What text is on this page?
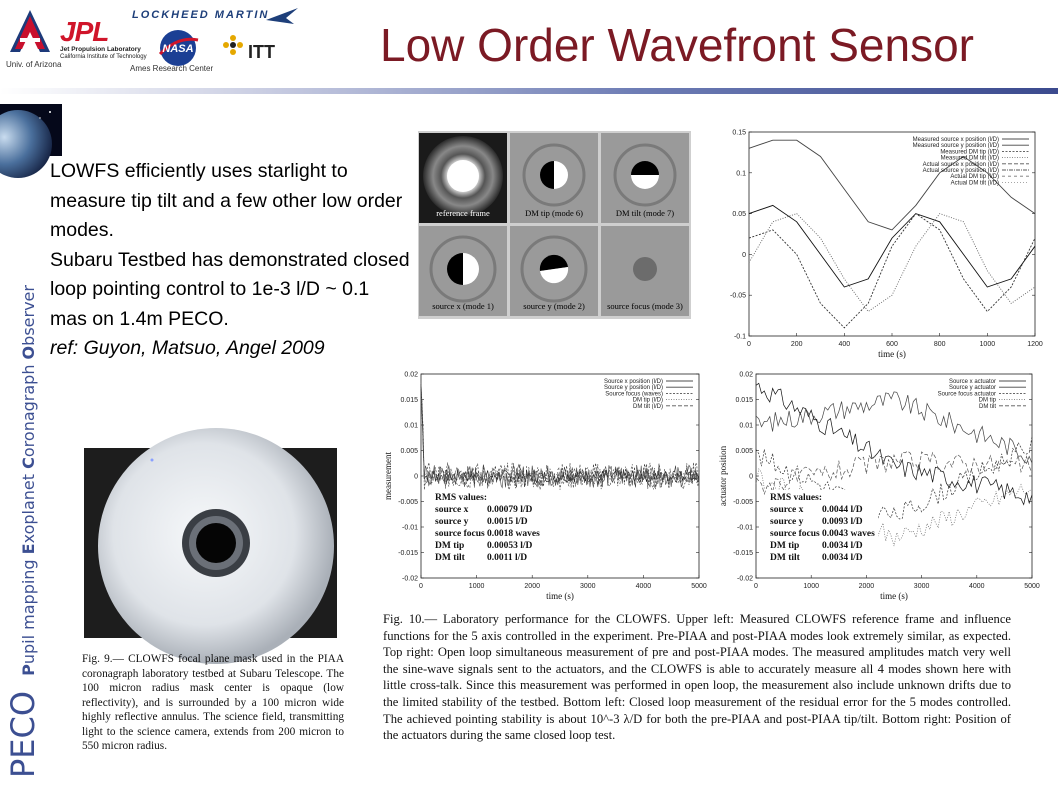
Univ. of Arizona
JPL
Jet Propulsion Laboratory
California Institute of Technology
LOCKHEED MARTIN
NASA
Ames Research Center
ITT Low Order Wavefront Sensor
PECO Pupil mapping Exoplanet Coronagraph Observer
LOWFS efficiently uses starlight to measure tip tilt and a few other low order modes.
Subaru Testbed has demonstrated closed loop pointing control to 1e-3 l/D ~ 0.1 mas on 1.4m PECO.
ref: Guyon, Matsuo, Angel 2009
reference frame	DM tip (mode 6)	DM tilt (mode 7)
source x (mode 1)	source y (mode 2)	source focus (mode 3)
0.15
0.1
0.05
0
-0.05
-0.1
0	200	400	600	800	1000	1200
time (s)
Measured source x position (l/D)
Measured source y position (l/D)
Measured DM tip (l/D)
Measured DM tilt (l/D)
Actual source x position (l/D)
Actual source y position (l/D)
Actual DM tip (l/D)
Actual DM tilt (l/D)
0.02
0.015
0.01
0.005
0
-0.005
-0.01
-0.015
-0.02
0	1000	2000	3000	4000	5000
time (s)
measurement
Source x position (l/D)
Source y position (l/D)
Source focus (waves)
DM tip (l/D)
DM tilt (l/D)
RMS values:
source x 0.00079 l/D
source y 0.0015 l/D
source focus 0.0018 waves
DM tip 0.00053 l/D
DM tilt 0.0011 l/D
0.02
0.015
0.01
0.005
0
-0.005
-0.01
-0.015
-0.02
0	1000	2000	3000	4000	5000
time (s)
actuator position
Source x actuator
Source y actuator
Source focus actuator
DM tip
DM tilt
RMS values:
source x 0.0044 l/D
source y 0.0093 l/D
source focus 0.0043 waves
DM tip 0.0034 l/D
DM tilt 0.0034 l/D
Fig. 9.— CLOWFS focal plane mask used in the PIAA coronagraph laboratory testbed at Subaru Telescope. The 100 micron radius mask center is opaque (low reflectivity), and is surrounded by a 100 micron wide highly reflective annulus. The science field, transmitting light to the science camera, extends from 200 micron to 550 micron radius.
Fig. 10.— Laboratory performance for the CLOWFS. Upper left: Measured CLOWFS reference frame and influence functions for the 5 axis controlled in the experiment. Pre-PIAA and post-PIAA modes look extremely similar, as expected. Top right: Open loop simultaneous measurement of pre and post-PIAA modes. The measured amplitudes match very well the sine-wave signals sent to the actuators, and the CLOWFS is able to accurately measure all 4 modes shown here with little cross-talk. Since this measurement was performed in open loop, the measurement also include unknown drifts due to the limited stability of the testbed. Bottom left: Closed loop measurement of the residual error for the 5 modes controlled. The achieved pointing stability is about 10^-3 λ/D for both the pre-PIAA and post-PIAA tip/tilt. Bottom right: Position of the actuators during the same closed loop test.
